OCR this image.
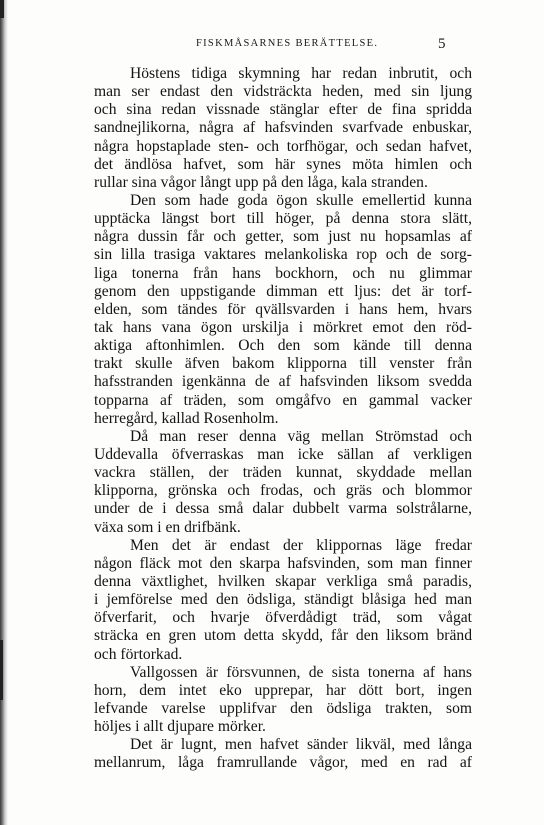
FISKMÅSARNES BERÄTTELSE.	5
Höstens tidiga skymning har redan inbrutit, och
man ser endast den vidsträckta heden, med sin ljung
och sina redan vissnade stänglar efter de fina spridda
sandnejlikorna, några af hafsvinden svarfvade enbuskar,
några hopstaplade sten- och torfhögar, och sedan hafvet,
det ändlösa hafvet, som här synes möta himlen och
rullar sina vågor långt upp på den låga, kala stranden.
Den som hade goda ögon skulle emellertid kunna
upptäcka längst bort till höger, på denna stora slätt,
några dussin får och getter, som just nu hopsamlas af
sin lilla trasiga vaktares melankoliska rop och de sorg-
liga tonerna från hans bockhorn, och nu glimmar
genom den uppstigande dimman ett ljus: det är torf-
elden, som tändes för qvällsvarden i hans hem, hvars
tak hans vana ögon urskilja i mörkret emot den röd-
aktiga aftonhimlen. Och den som kände till denna
trakt skulle äfven bakom klipporna till venster från
hafsstranden igenkänna de af hafsvinden liksom svedda
topparna af träden, som omgåfvo en gammal vacker
herregård, kallad Rosenholm.
Då man reser denna väg mellan Strömstad och
Uddevalla öfverraskas man icke sällan af verkligen
vackra ställen, der träden kunnat, skyddade mellan
klipporna, grönska och frodas, och gräs och blommor
under de i dessa små dalar dubbelt varma solstrålarne,
växa som i en drifbänk.
Men det är endast der klippornas läge fredar
någon fläck mot den skarpa hafsvinden, som man finner
denna växtlighet, hvilken skapar verkliga små paradis,
i jemförelse med den ödsliga, ständigt blåsiga hed man
öfverfarit, och hvarje öfverdådigt träd, som vågat
sträcka en gren utom detta skydd, får den liksom bränd
och förtorkad.
Vallgossen är försvunnen, de sista tonerna af hans
horn, dem intet eko upprepar, har dött bort, ingen
lefvande varelse upplifvar den ödsliga trakten, som
höljes i allt djupare mörker.
Det är lugnt, men hafvet sänder likväl, med långa
mellanrum, låga framrullande vågor, med en rad af
